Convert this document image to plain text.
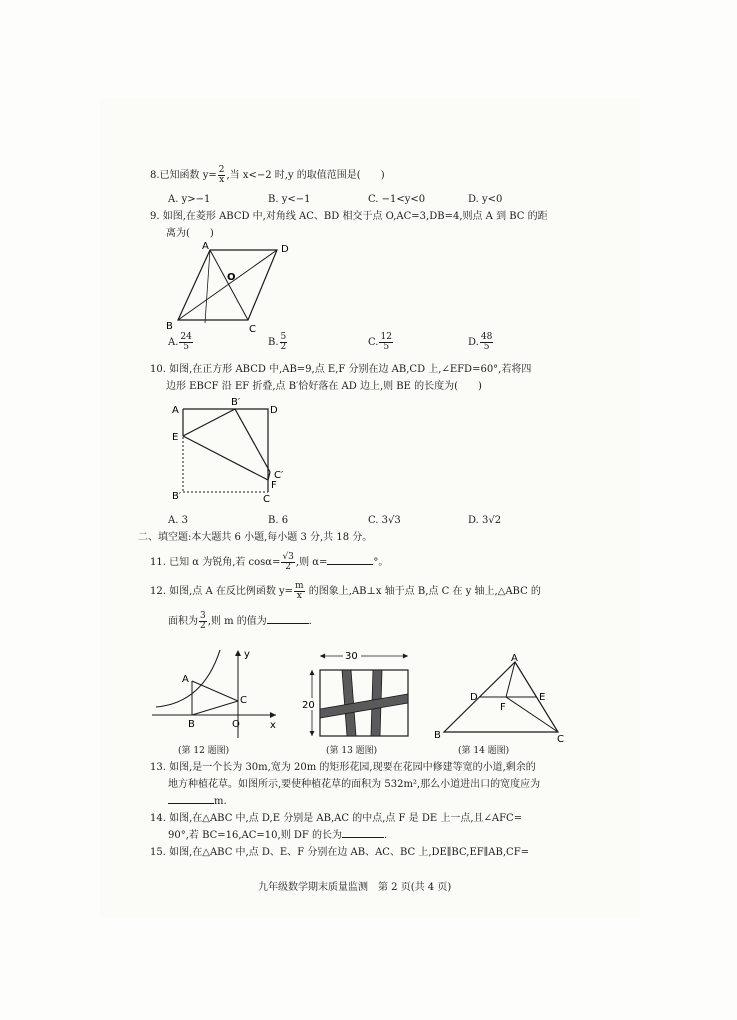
8.已知函数 $y= \frac{2}{x}$ ,当 x<−2 时,y 的取值范围是(　　)
A. y>−1	B. y<−1	C. −1<y<0	D. y<0
9. 如图,在菱形 ABCD 中,对角线 AC、BD 相交于点 O,AC=3,DB=4,则点 A 到 BC 的距
离为(　　)
A	D
O
B	C
A. $\frac{24}{5}$	B. $\frac{5}{2}$	C. $\frac{12}{5}$	D. $\frac{48}{5}$
10. 如图,在正方形 ABCD 中,AB=9,点 E,F 分别在边 AB,CD 上,∠EFD=60°,若将四
边形 EBCF 沿 EF 折叠,点 B′恰好落在 AD 边上,则 BE 的长度为(　　)
A
B′
D
E
C′
F
C
B′
A. 3	B. 6	C. 3√3	D. 3√2
二、填空题:本大题共 6 小题,每小题 3 分,共 18 分。
11. 已知 α 为锐角,若 $\cos\alpha= \frac{√3}{2}$ ,则 α=	°。
12. 如图,点 A 在反比例函数 $y= \frac{m}{x}$ 的图象上,AB⊥x 轴于点 B,点 C 在 y 轴上,△ABC 的
面积为 $\frac{3}{2}$ ,则 m 的值为	.
y
x
A
B
C
O
(第 12 题图)
30
20
(第 13 题图)
A
D	E
F
B	C
(第 14 题图)
13. 如图,是一个长为 30m,宽为 20m 的矩形花园,现要在花园中修建等宽的小道,剩余的
地方种植花草。如图所示,要使种植花草的面积为 532m²,那么小道进出口的宽度应为
m.
14. 如图,在△ABC 中,点 D,E 分别是 AB,AC 的中点,点 F 是 DE 上一点,且∠AFC=
90°,若 BC=16,AC=10,则 DF 的长为	.
15. 如图,在△ABC 中,点 D、E、F 分别在边 AB、AC、BC 上,DE∥BC,EF∥AB,CF=
九年级数学期末质量监测　第 2 页(共 4 页)
